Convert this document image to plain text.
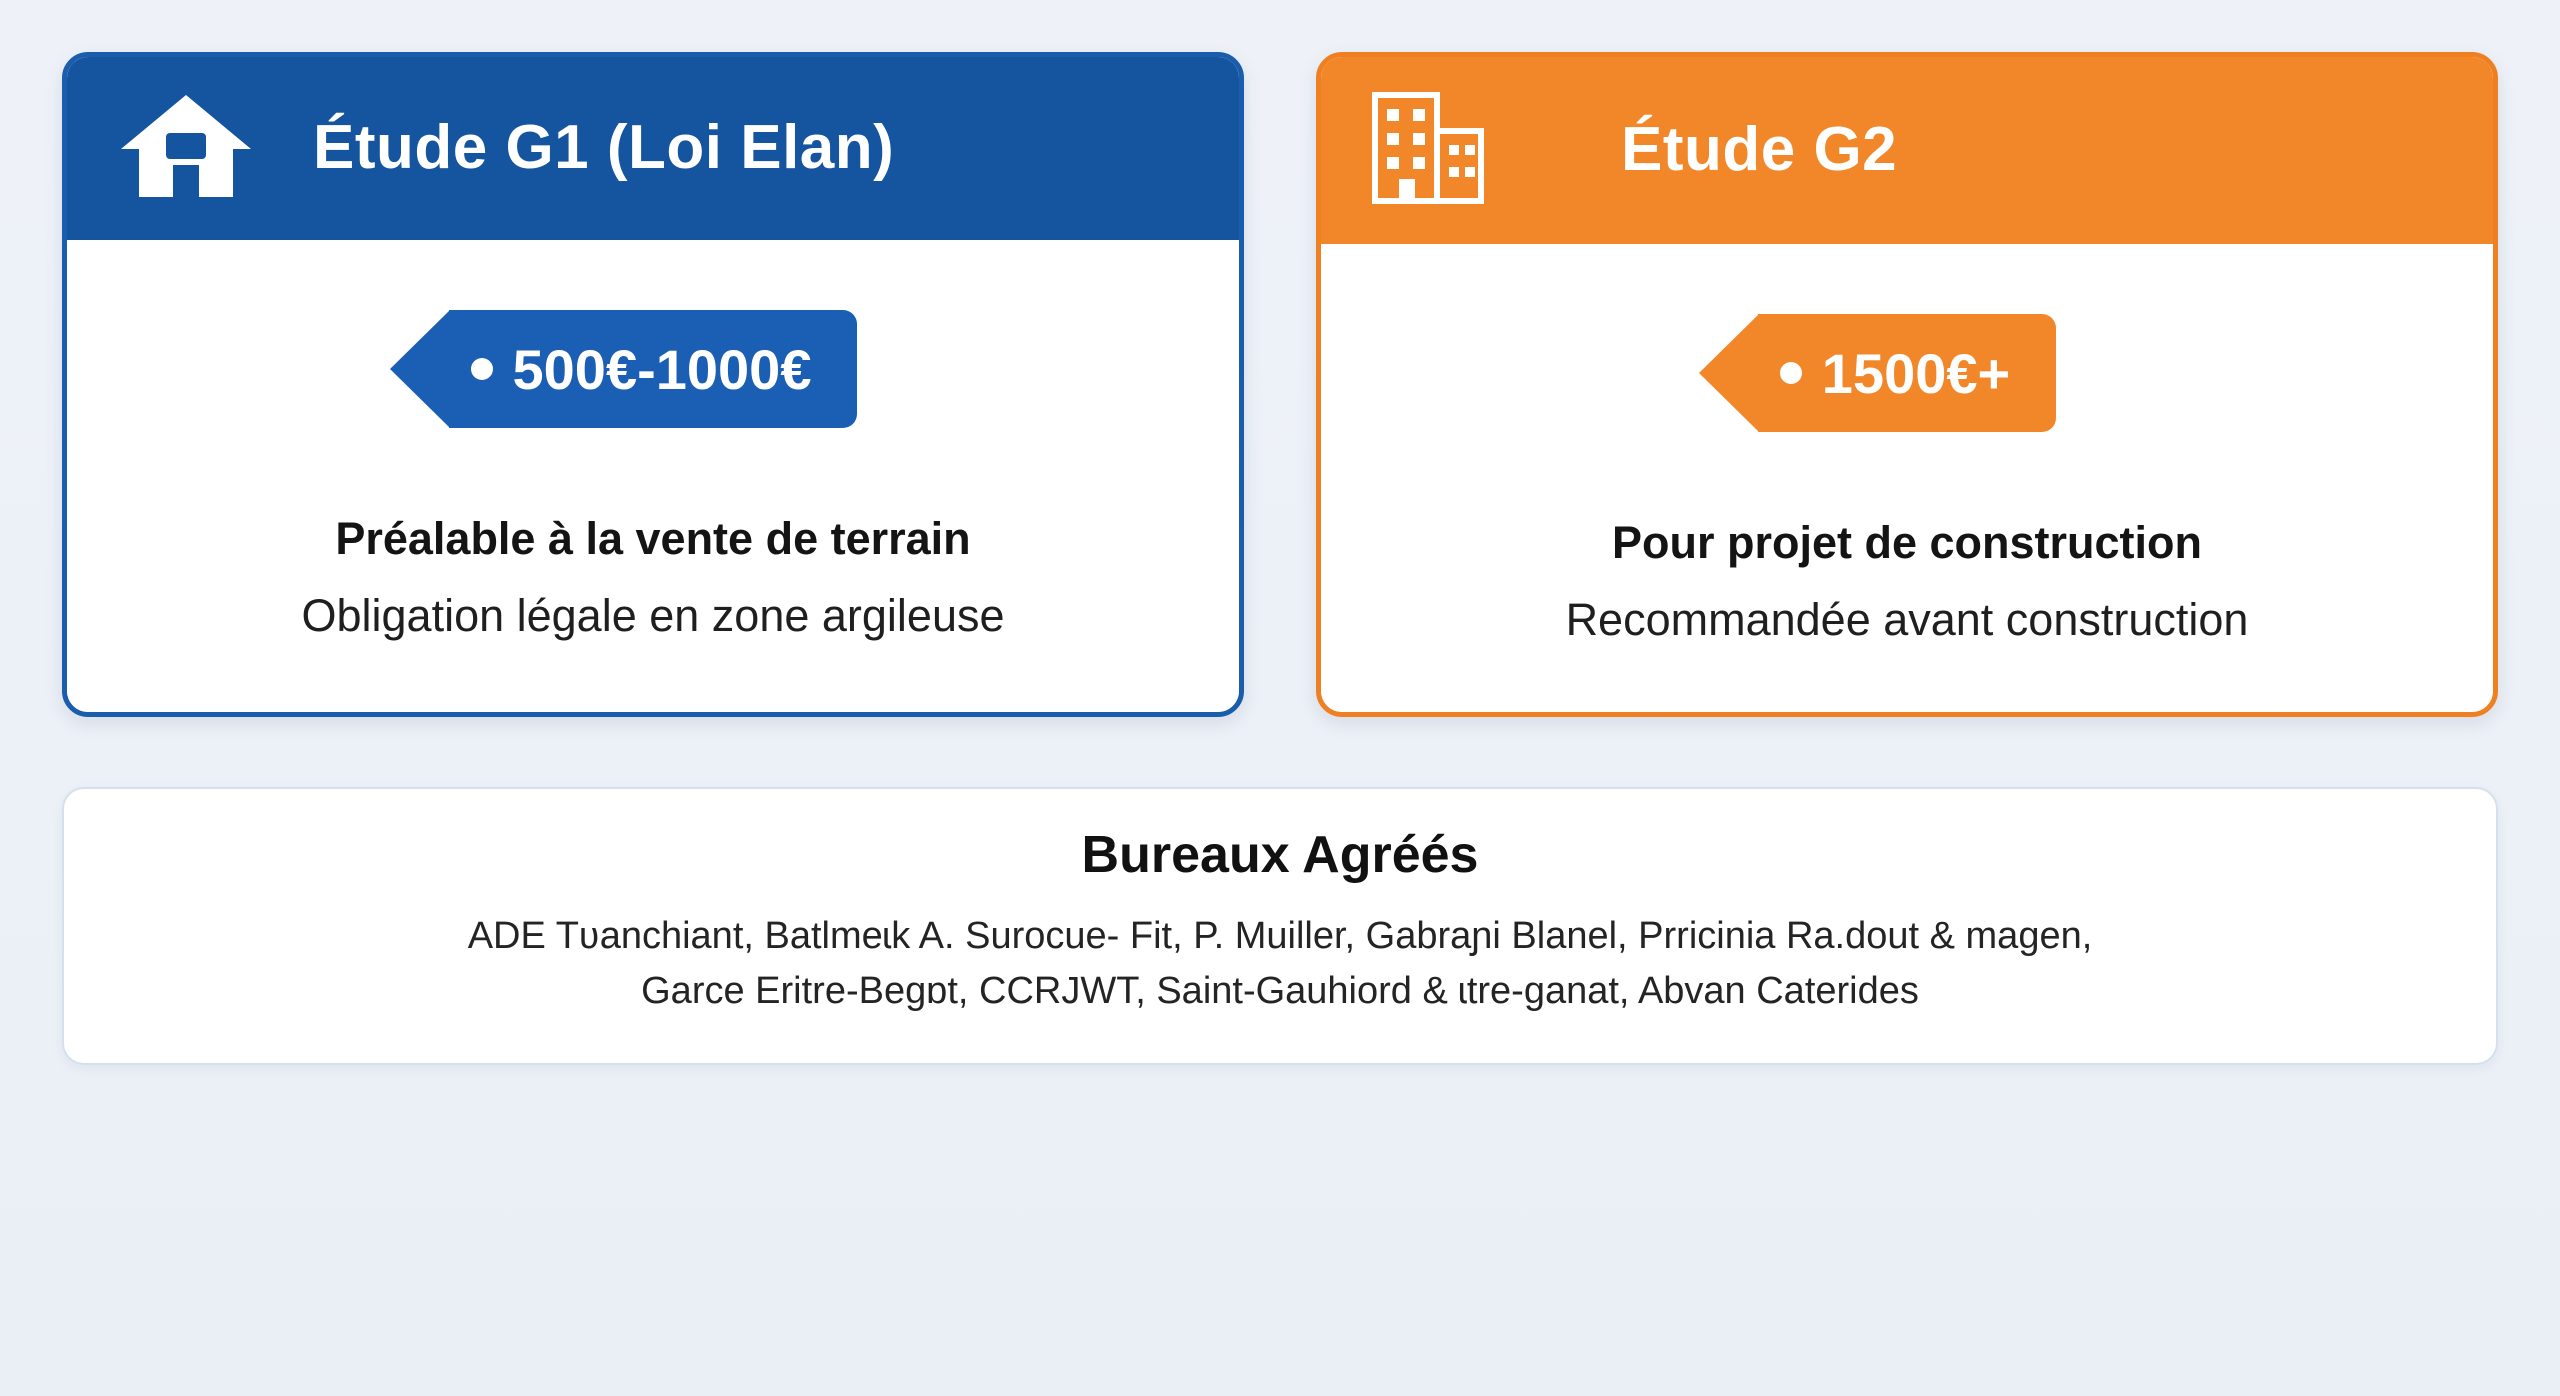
Étude G1 (Loi Elan)
500€-1000€
Préalable à la vente de terrain
Obligation légale en zone argileuse
Étude G2
1500€+
Pour projet de construction
Recommandée avant construction
Bureaux Agréés
ADE Tʋanchiant, Batlmeɩk A. Surocue- Fit, P. Muiller, Gabraɲi Blanel, Prriсinia Ra.dout & magen,
Garce Eritre-Begɒt, CCRJWT, Saint-Gauhiord & ɩtre-ganat, Abvan Caterides
